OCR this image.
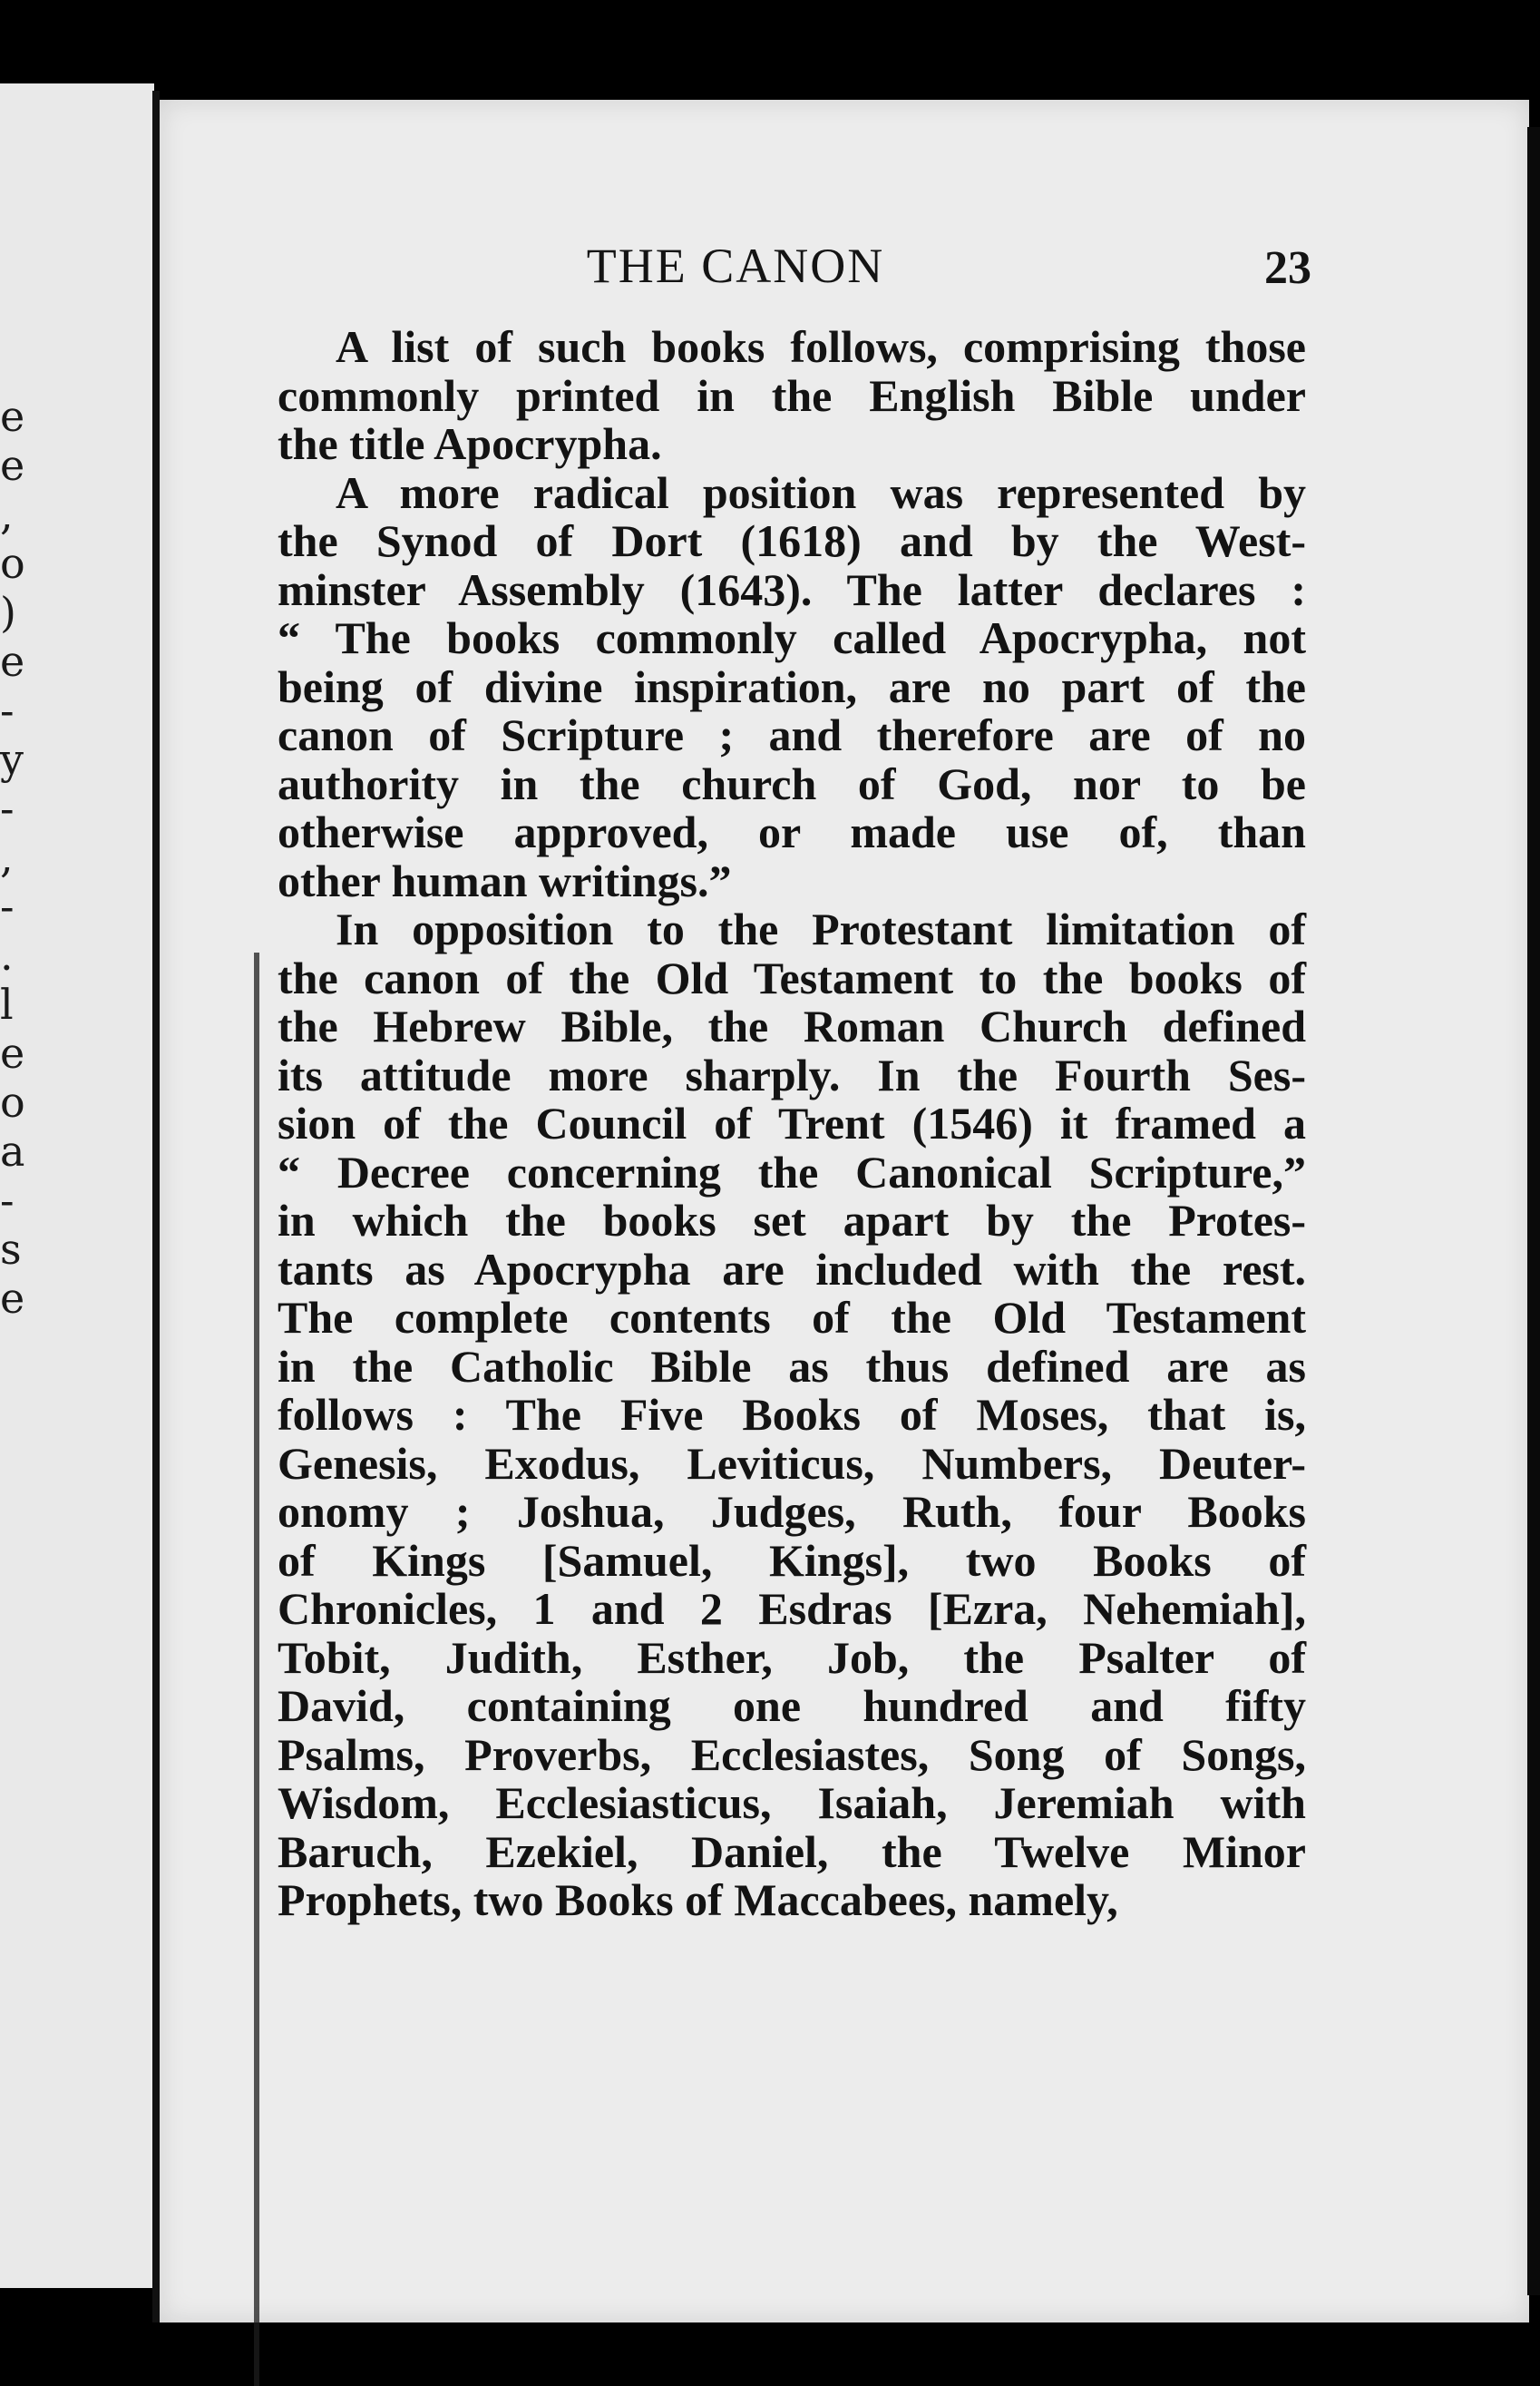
e
e
,
o
)
e
-
y
-
,
-
.
l
e
o
a
-
s
e
THE CANON	23
A list of such books follows, comprising those
commonly printed in the English Bible under
the title Apocrypha.
A more radical position was represented by
the Synod of Dort (1618) and by the West-
minster Assembly (1643). The latter declares :
“ The books commonly called Apocrypha, not
being of divine inspiration, are no part of the
canon of Scripture ; and therefore are of no
authority in the church of God, nor to be
otherwise approved, or made use of, than
other human writings.”
In opposition to the Protestant limitation of
the canon of the Old Testament to the books of
the Hebrew Bible, the Roman Church defined
its attitude more sharply. In the Fourth Ses-
sion of the Council of Trent (1546) it framed a
“ Decree concerning the Canonical Scripture,”
in which the books set apart by the Protes-
tants as Apocrypha are included with the rest.
The complete contents of the Old Testament
in the Catholic Bible as thus defined are as
follows : The Five Books of Moses, that is,
Genesis, Exodus, Leviticus, Numbers, Deuter-
onomy ; Joshua, Judges, Ruth, four Books
of Kings [Samuel, Kings], two Books of
Chronicles, 1 and 2 Esdras [Ezra, Nehemiah],
Tobit, Judith, Esther, Job, the Psalter of
David, containing one hundred and fifty
Psalms, Proverbs, Ecclesiastes, Song of Songs,
Wisdom, Ecclesiasticus, Isaiah, Jeremiah with
Baruch, Ezekiel, Daniel, the Twelve Minor
Prophets, two Books of Maccabees, namely,
